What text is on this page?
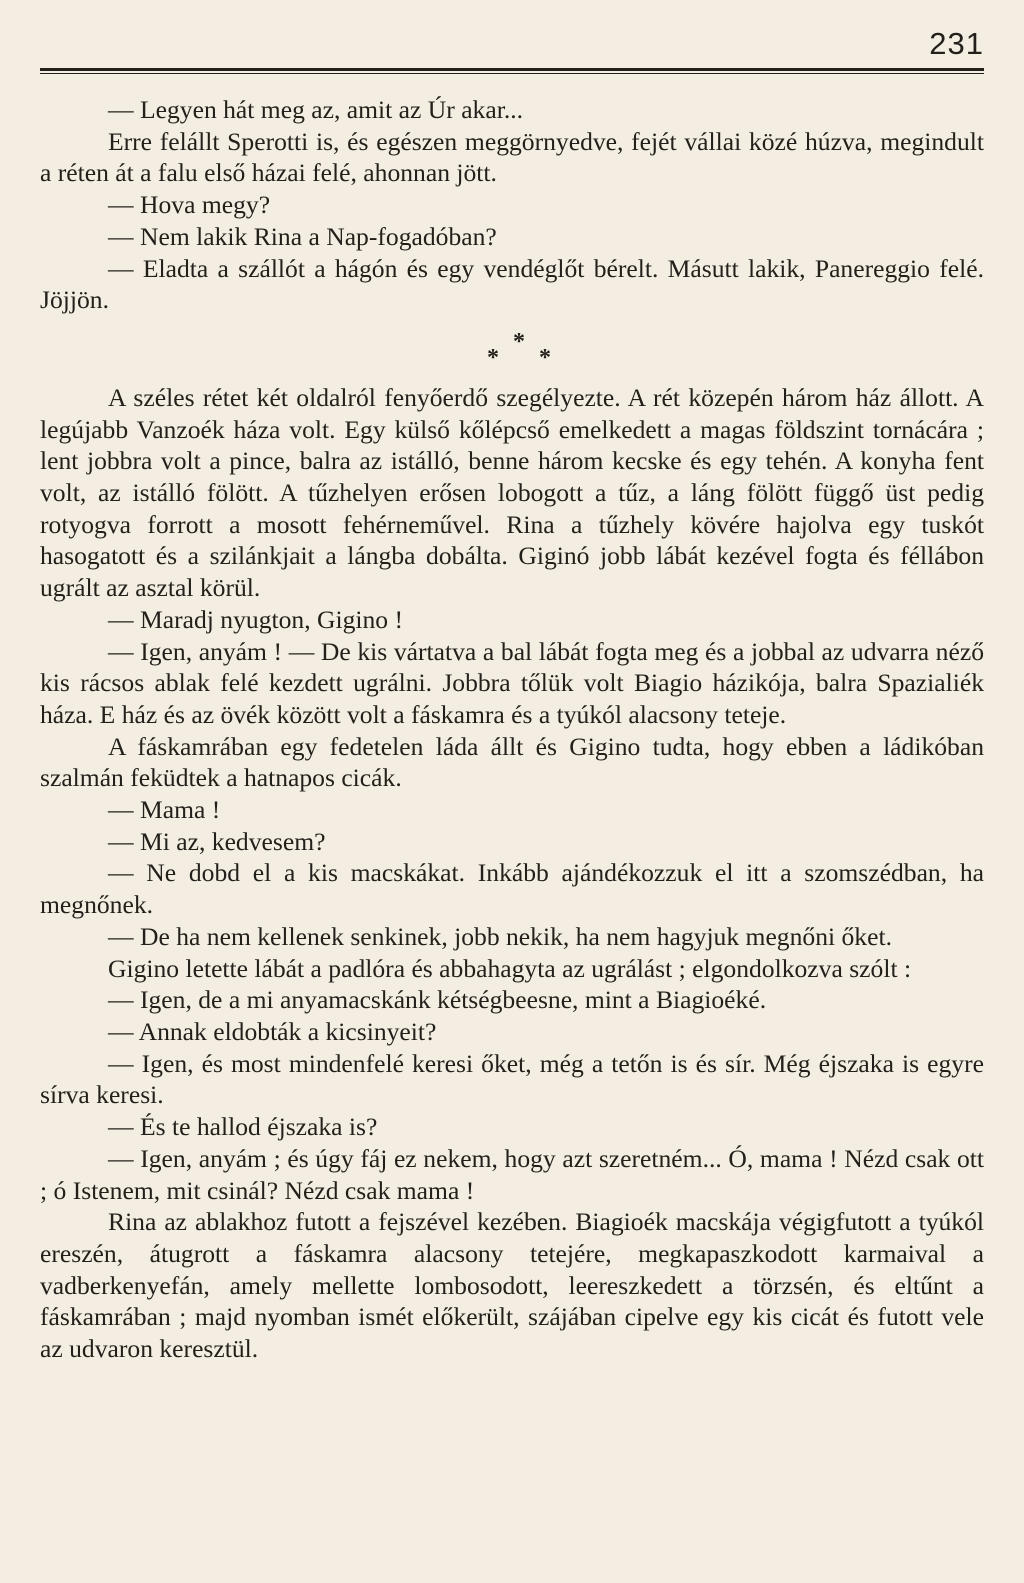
231

— Legyen hát meg az, amit az Úr akar...

Erre felállt Sperotti is, és egészen meggörnyedve, fejét vállai közé húzva, megindult a réten át a falu első házai felé, ahonnan jött.

— Hova megy?

— Nem lakik Rina a Nap-fogadóban?

— Eladta a szállót a hágón és egy vendéglőt bérelt. Másutt lakik, Panereggio felé. Jöjjön.

*
* *

A széles rétet két oldalról fenyőerdő szegélyezte. A rét közepén három ház állott. A legújabb Vanzoék háza volt. Egy külső kőlépcső emelkedett a magas földszint tornácára ; lent jobbra volt a pince, balra az istálló, benne három kecske és egy tehén. A konyha fent volt, az istálló fölött. A tűzhelyen erősen lobogott a tűz, a láng fölött függő üst pedig rotyogva forrott a mosott fehérneművel. Rina a tűzhely kövére hajolva egy tuskót hasogatott és a szilánkjait a lángba dobálta. Giginó jobb lábát kezével fogta és féllábon ugrált az asztal körül.

— Maradj nyugton, Gigino !

— Igen, anyám ! — De kis vártatva a bal lábát fogta meg és a jobbal az udvarra néző kis rácsos ablak felé kezdett ugrálni. Jobbra tőlük volt Biagio házikója, balra Spazialiék háza. E ház és az övék között volt a fáskamra és a tyúkól alacsony teteje.

A fáskamrában egy fedetelen láda állt és Gigino tudta, hogy ebben a ládikóban szalmán feküdtek a hatnapos cicák.

— Mama !

— Mi az, kedvesem?

— Ne dobd el a kis macskákat. Inkább ajándékozzuk el itt a szomszédban, ha megnőnek.

— De ha nem kellenek senkinek, jobb nekik, ha nem hagyjuk megnőni őket.

Gigino letette lábát a padlóra és abbahagyta az ugrálást ; elgondolkozva szólt :

— Igen, de a mi anyamacskánk kétségbeesne, mint a Biagioéké.

— Annak eldobták a kicsinyeit?

— Igen, és most mindenfelé keresi őket, még a tetőn is és sír. Még éjszaka is egyre sírva keresi.

— És te hallod éjszaka is?

— Igen, anyám ; és úgy fáj ez nekem, hogy azt szeretném... Ó, mama ! Nézd csak ott ; ó Istenem, mit csinál? Nézd csak mama !

Rina az ablakhoz futott a fejszével kezében. Biagioék macskája végigfutott a tyúkól ereszén, átugrott a fáskamra alacsony tetejére, megkapaszkodott karmaival a vadberkenyefán, amely mellette lombosodott, leereszkedett a törzsén, és eltűnt a fáskamrában ; majd nyomban ismét előkerült, szájában cipelve egy kis cicát és futott vele az udvaron keresztül.
